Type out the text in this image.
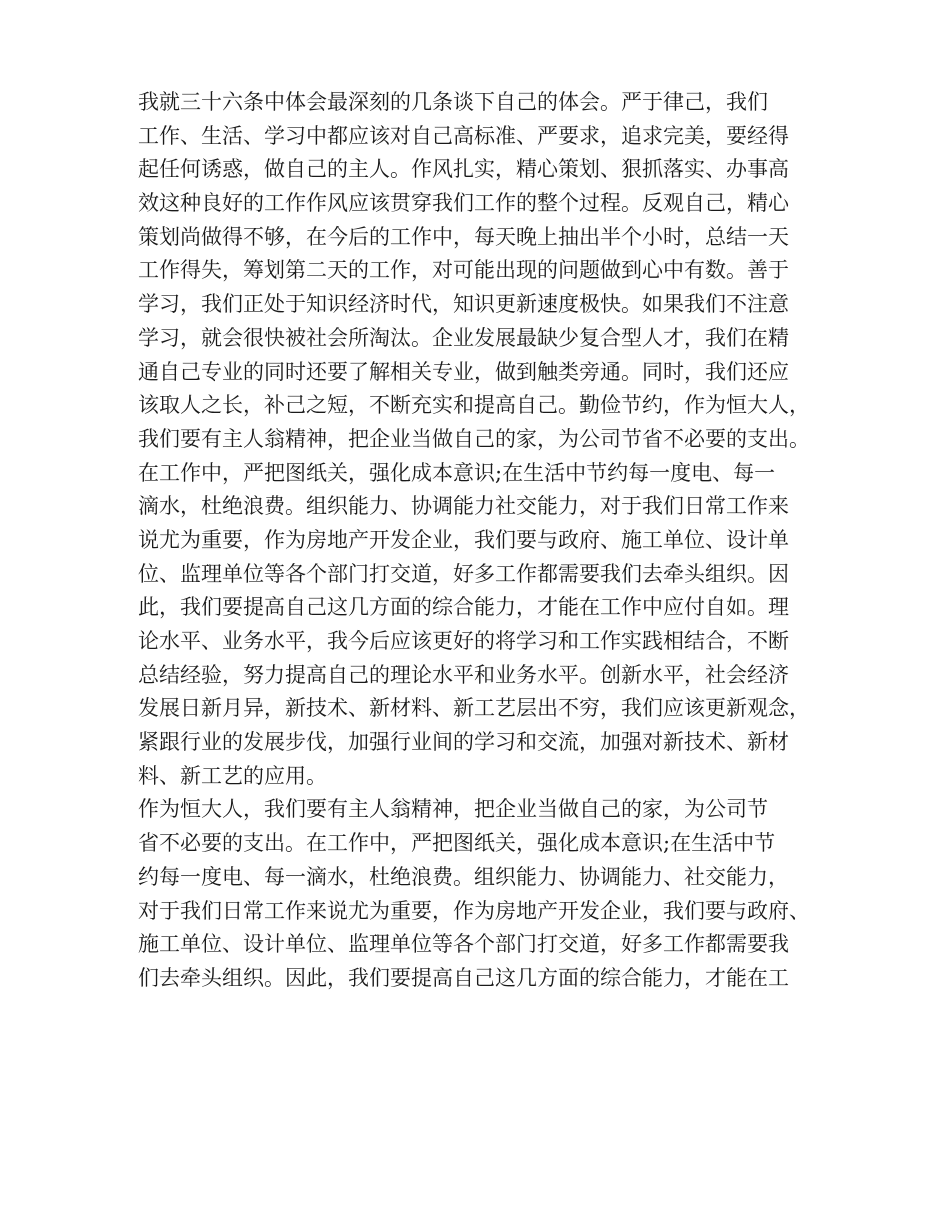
我就三十六条中体会最深刻的几条谈下自己的体会。严于律己，我们
工作、生活、学习中都应该对自己高标准、严要求，追求完美，要经得
起任何诱惑，做自己的主人。作风扎实，精心策划、狠抓落实、办事高
效这种良好的工作作风应该贯穿我们工作的整个过程。反观自己，精心
策划尚做得不够，在今后的工作中，每天晚上抽出半个小时，总结一天
工作得失，筹划第二天的工作，对可能出现的问题做到心中有数。善于
学习，我们正处于知识经济时代，知识更新速度极快。如果我们不注意
学习，就会很快被社会所淘汰。企业发展最缺少复合型人才，我们在精
通自己专业的同时还要了解相关专业，做到触类旁通。同时，我们还应
该取人之长，补己之短，不断充实和提高自己。勤俭节约，作为恒大人，
我们要有主人翁精神，把企业当做自己的家，为公司节省不必要的支出。
在工作中，严把图纸关，强化成本意识;在生活中节约每一度电、每一
滴水，杜绝浪费。组织能力、协调能力社交能力，对于我们日常工作来
说尤为重要，作为房地产开发企业，我们要与政府、施工单位、设计单
位、监理单位等各个部门打交道，好多工作都需要我们去牵头组织。因
此，我们要提高自己这几方面的综合能力，才能在工作中应付自如。理
论水平、业务水平，我今后应该更好的将学习和工作实践相结合，不断
总结经验，努力提高自己的理论水平和业务水平。创新水平，社会经济
发展日新月异，新技术、新材料、新工艺层出不穷，我们应该更新观念，
紧跟行业的发展步伐，加强行业间的学习和交流，加强对新技术、新材
料、新工艺的应用。
作为恒大人，我们要有主人翁精神，把企业当做自己的家，为公司节
省不必要的支出。在工作中，严把图纸关，强化成本意识;在生活中节
约每一度电、每一滴水，杜绝浪费。组织能力、协调能力、社交能力，
对于我们日常工作来说尤为重要，作为房地产开发企业，我们要与政府、
施工单位、设计单位、监理单位等各个部门打交道，好多工作都需要我
们去牵头组织。因此，我们要提高自己这几方面的综合能力，才能在工
